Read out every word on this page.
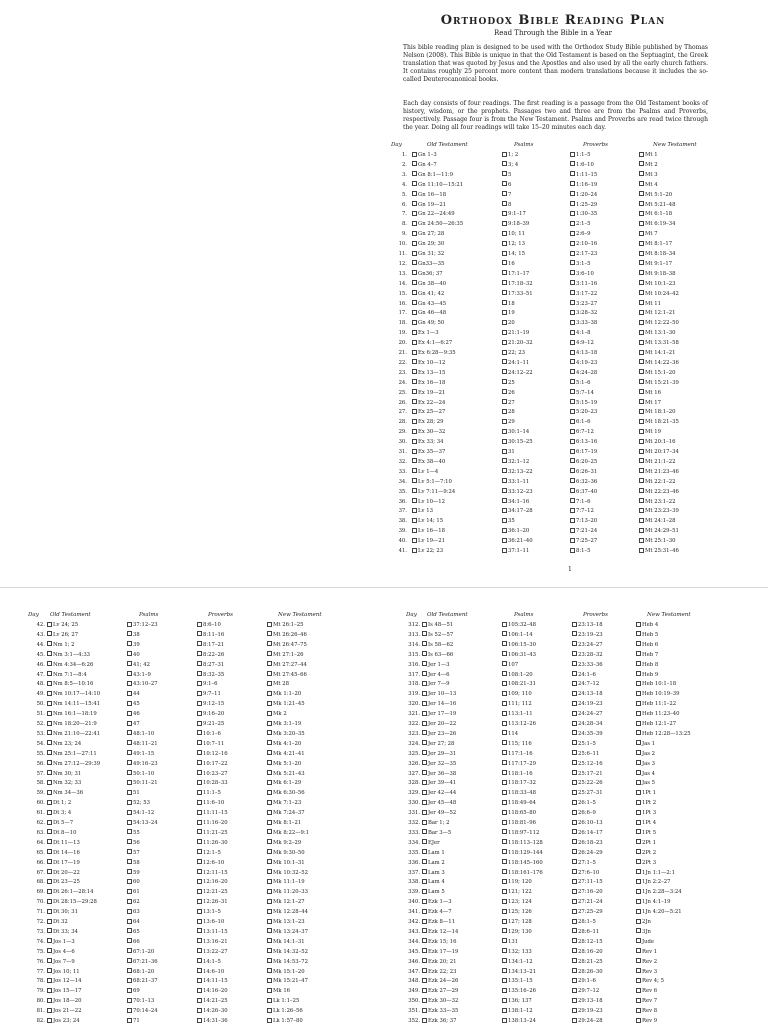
Orthodox Bible Reading Plan
Read Through the Bible in a Year

This bible reading plan is designed to be used with the Orthodox Study Bible published by Thomas Nelson (2008). This Bible is unique in that the Old Testament is based on the Septuagint, the Greek translation that was quoted by Jesus and the Apostles and also used by all the early church fathers. It contains roughly 25 percent more content than modern translations because it includes the so-called Deuterocanonical books.

Each day consists of four readings. The first reading is a passage from the Old Testament books of history, wisdom, or the prophets. Passages two and three are from the Psalms and Proverbs, respectively. Passage four is from the New Testament. Psalms and Proverbs are read twice through the year. Doing all four readings will take 15–20 minutes each day.

Day	Old Testament	Psalms	Proverbs	New Testament
1.	Gn 1–3	1; 2	1:1–5	Mt 1
2.	Gn 4–7	3; 4	1:6–10	Mt 2
3.	Gn 8:1—11:9	5	1:11–15	Mt 3
4.	Gn 11:10—15:21	6	1:16–19	Mt 4
5.	Gn 16—18	7	1:20–24	Mt 5:1–20
6.	Gn 19—21	8	1:25–29	Mt 5:21–48
7.	Gn 22—24:49	9:1–17	1:30–35	Mt 6:1–18
8.	Gn 24:50—26:35	9:18–39	2:1–5	Mt 6:19–34
9.	Gn 27; 28	10; 11	2:6–9	Mt 7
10.	Gn 29; 30	12; 13	2:10–16	Mt 8:1–17
11.	Gn 31; 32	14; 15	2:17–23	Mt 8:18–34
12.	Gn33—35	16	3:1–5	Mt 9:1–17
13.	Gn36; 37	17:1–17	3:6–10	Mt 9:18–38
14.	Gn 38—40	17:18–32	3:11–16	Mt 10:1–23
15.	Gn 41; 42	17:33–51	3:17–22	Mt 10:24–42
16.	Gn 43—45	18	3:23–27	Mt 11
17.	Gn 46—48	19	3:28–32	Mt 12:1–21
18.	Gn 49; 50	20	3:33–38	Mt 12:22–50
19.	Ex 1—3	21:1–19	4:1–8	Mt 13:1–30
20.	Ex 4:1—6:27	21:20–32	4:9–12	Mt 13:31–58
21.	Ex 6:28—9:35	22; 23	4:13–18	Mt 14:1–21
22.	Ex 10—12	24:1–11	4:19–23	Mt 14:22–36
23.	Ex 13—15	24:12–22	4:24–28	Mt 15:1–20
24.	Ex 16—18	25	5:1–6	Mt 15:21–39
25.	Ex 19—21	26	5:7–14	Mt 16
26.	Ex 22—24	27	5:15–19	Mt 17
27.	Ex 25—27	28	5:20–23	Mt 18:1–20
28.	Ex 28; 29	29	6:1–6	Mt 18:21–35
29.	Ex 30—32	30:1–14	6:7–12	Mt 19
30.	Ex 33; 34	30:15–25	6:13–16	Mt 20:1–16
31.	Ex 35—37	31	6:17–19	Mt 20:17–34
32.	Ex 38—40	32:1–12	6:20–25	Mt 21:1–22
33.	Lv 1—4	32:13–22	6:26–31	Mt 21:23–46
34.	Lv 5:1—7:10	33:1–11	6:32–36	Mt 22:1–22
35.	Lv 7:11—9:24	33:12–23	6:37–40	Mt 22:23–46
36.	Lv 10—12	34:1–16	7:1–6	Mt 23:1–22
37.	Lv 13	34:17–28	7:7–12	Mt 23:23–39
38.	Lv 14; 15	35	7:13–20	Mt 24:1–28
39.	Lv 16—18	36:1–20	7:21–24	Mt 24:29–51
40.	Lv 19—21	36:21–40	7:25–27	Mt 25:1–30
41.	Lv 22; 23	37:1–11	8:1–5	Mt 25:31–46
1
Day Old Testament	Psalms	Proverbs	New Testament
42.	Lv 24; 25	37:12–23	8:6–10	Mt 26:1–25
43.	Lv 26; 27	38	8:11–16	Mt 26:26–46
44.	Nm 1; 2	39	8:17–21	Mt 26:47–75
45.	Nm 3:1—4:33	40	8:22–26	Mt 27:1–26
46.	Nm 4:34—6:26	41; 42	8:27–31	Mt 27:27–44
47.	Nm 7:1—8:4	43:1–9	8:32–35	Mt 27:45–66
48.	Nm 8:5—10:16	43:10–27	9:1–6	Mt 28
49.	Nm 10:17—14:10	44	9:7–11	Mk 1:1–20
50.	Nm 14:11—15:41	45	9:12–15	Mk 1:21–45
51.	Nm 16:1—18:19	46	9:16–20	Mk 2
52.	Nm 18:20—21:9	47	9:21–25	Mk 3:1–19
53.	Nm 21:10—22:41	48:1–10	10:1–6	Mk 3:20–35
54.	Nm 23; 24	48:11–21	10:7–11	Mk 4:1–20
55.	Nm 25:1—27:11	49:1–15	10:12–16	Mk 4:21–41
56.	Nm 27:12—29:39	49:16–23	10:17–22	Mk 5:1–20
57.	Nm 30; 31	50:1–10	10:23–27	Mk 5:21–43
58.	Nm 32; 33	50:11–21	10:28–33	Mk 6:1–29
59.	Nm 34—36	51	11:1–5	Mk 6:30–56
60.	Dt 1; 2	52; 53	11:6–10	Mk 7:1–23
61.	Dt 3; 4	54:1–12	11:11–15	Mk 7:24–37
62.	Dt 5—7	54:13–24	11:16–20	Mk 8:1–21
63.	Dt 8—10	55	11:21–25	Mk 8:22—9:1
64.	Dt 11—13	56	11:26–30	Mk 9:2–29
65.	Dt 14—16	57	12:1–5	Mk 9:30–50
66.	Dt 17—19	58	12:6–10	Mk 10:1–31
67.	Dt 20—22	59	12:11–15	Mk 10:32–52
68.	Dt 23—25	60	12:16–20	Mk 11:1–19
69.	Dt 26:1—28:14	61	12:21–25	Mk 11:20–33
70.	Dt 28:15—29:28	62	12:26–31	Mk 12:1–27
71.	Dt 30; 31	63	13:1–5	Mk 12:28–44
72.	Dt 32	64	13:6–10	Mk 13:1–23
73.	Dt 33; 34	65	13:11–15	Mk 13:24–37
74.	Jos 1—3	66	13:16–21	Mk 14:1–31
75.	Jos 4—6	67:1–20	13:22–27	Mk 14:32–52
76.	Jos 7—9	67:21–36	14:1–5	Mk 14:53–72
77.	Jos 10; 11	68:1–20	14:6–10	Mk 15:1–20
78.	Jos 12—14	68:21–37	14:11–15	Mk 15:21–47
79.	Jos 15—17	69	14:16–20	Mk 16
80.	Jos 18—20	70:1–13	14:21–25	Lk 1:1–25
81.	Jos 21—22	70:14–24	14:26–30	Lk 1:26–56
82.	Jos 23; 24	71	14:31–36	Lk 1:57–80
Day Old Testament	Psalms	Proverbs	New Testament
312.	Is 48—51	105:32–48	23:13–18	Heb 4
313.	Is 52—57	106:1–14	23:19–23	Heb 5
314.	Is 58—62	106:15–30	23:24–27	Heb 6
315.	Is 63—66	106:31–43	23:28–32	Heb 7
316.	Jer 1—3	107	23:33–36	Heb 8
317.	Jer 4—6	108:1–20	24:1–6	Heb 9
318.	Jer 7—9	108:21–31	24:7–12	Heb 10:1–18
319.	Jer 10—13	109; 110	24:13–18	Heb 10:19–39
320.	Jer 14—16	111; 112	24:19–23	Heb 11:1–22
321.	Jer 17—19	113:1–11	24:24–27	Heb 11:23–40
322.	Jer 20—22	113:12–26	24:28–34	Heb 12:1–27
323.	Jer 23—26	114	24:35–39	Heb 12:28—13:25
324.	Jer 27; 28	115; 116	25:1–5	Jas 1
325.	Jer 29—31	117:1–16	25:6–11	Jas 2
326.	Jer 32—35	117:17–29	25:12–16	Jas 3
327.	Jer 36—38	118:1–16	25:17–21	Jas 4
328.	Jer 39—41	118:17–32	25:22–26	Jas 5
329.	Jer 42—44	118:33–48	25:27–31	1Pt 1
330.	Jer 45—48	118:49–64	26:1–5	1Pt 2
331.	Jer 49—52	118:65–80	26:6–9	1Pt 3
332.	Bar 1; 2	118:81–96	26:10–13	1Pt 4
333.	Bar 3—5	118:97–112	26:14–17	1Pt 5
334.	EJer	118:113–128	26:18–23	2Pt 1
335.	Lam 1	118:129–144	26:24–29	2Pt 2
336.	Lam 2	118:145–160	27:1–5	2Pt 3
337.	Lam 3	118:161–176	27:6–10	1Jn 1:1—2:1
338.	Lam 4	119; 120	27:11–15	1Jn 2:2–27
339.	Lam 5	121; 122	27:16–20	1Jn 2:28—3:24
340.	Ezk 1—3	123; 124	27:21–24	1Jn 4:1–19
341.	Ezk 4—7	125; 126	27:25–29	1Jn 4:20—5:21
342.	Ezk 8—11	127; 128	28:1–5	2Jn
343.	Ezk 12—14	129; 130	28:6–11	3Jn
344.	Ezk 15; 16	131	28:12–15	Jude
345.	Ezk 17—19	132; 133	28:16–20	Rev 1
346.	Ezk 20; 21	134:1–12	28:21–25	Rev 2
347.	Ezk 22; 23	134:13–21	28:26–30	Rev 3
348.	Ezk 24—26	135:1–15	29:1–6	Rev 4; 5
349.	Ezk 27—29	135:16–26	29:7–12	Rev 6
350.	Ezk 30—32	136; 137	29:13–18	Rev 7
351.	Ezk 33—35	138:1–12	29:19–23	Rev 8
352.	Ezk 36; 37	138:13–24	29:24–28	Rev 9
